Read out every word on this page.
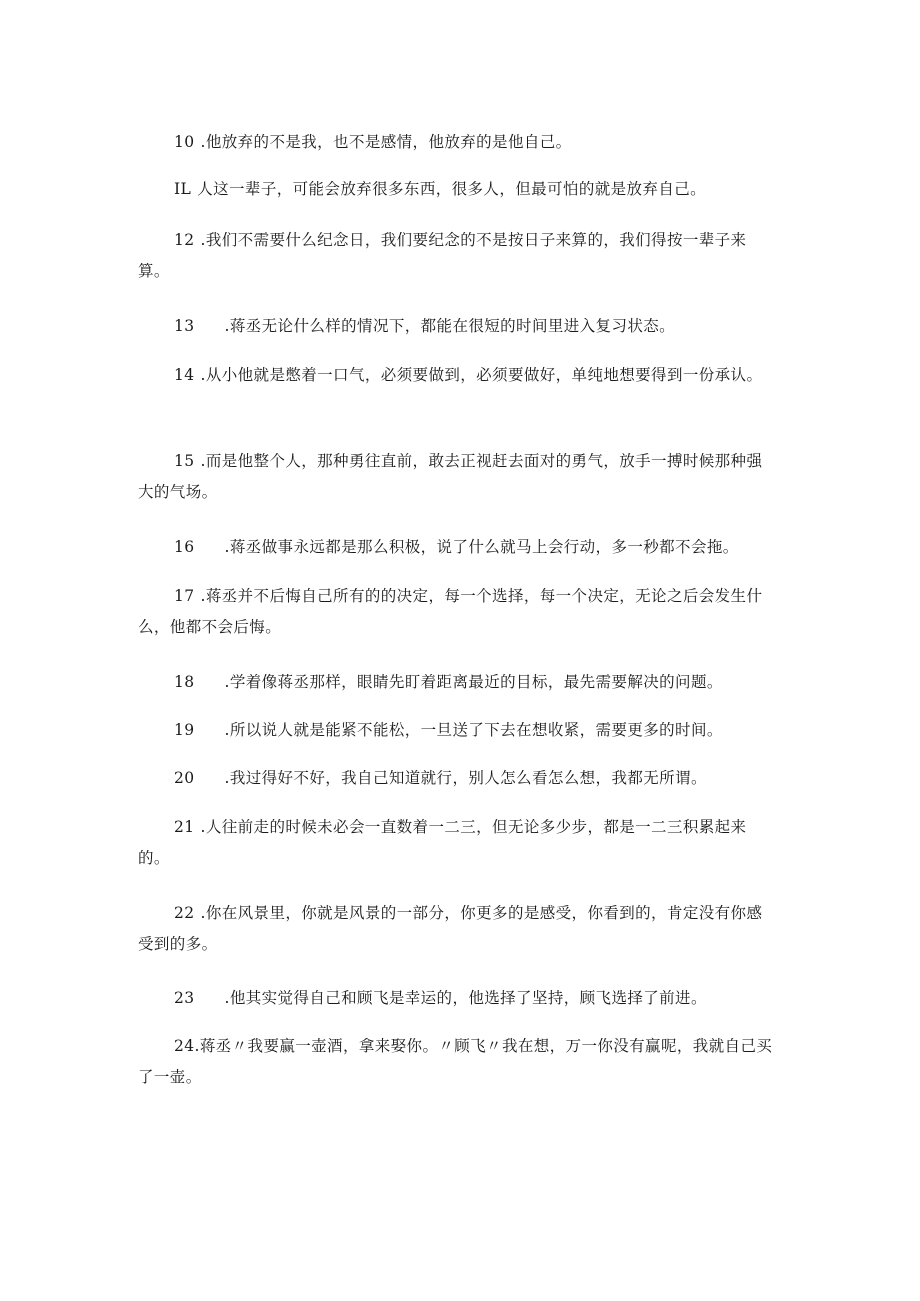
10 .他放弃的不是我，也不是感情，他放弃的是他自己。

IL 人这一辈子，可能会放弃很多东西，很多人，但最可怕的就是放弃自己。

12 .我们不需要什么纪念日，我们要纪念的不是按日子来算的，我们得按一辈子来算。

13 .蒋丞无论什么样的情况下，都能在很短的时间里进入复习状态。

14 .从小他就是憋着一口气，必须要做到，必须要做好，单纯地想要得到一份承认。

15 .而是他整个人，那种勇往直前，敢去正视赶去面对的勇气，放手一搏时候那种强大的气场。

16 .蒋丞做事永远都是那么积极，说了什么就马上会行动，多一秒都不会拖。

17 .蒋丞并不后悔自己所有的的决定，每一个选择，每一个决定，无论之后会发生什么，他都不会后悔。

18 .学着像蒋丞那样，眼睛先盯着距离最近的目标，最先需要解决的问题。

19 .所以说人就是能紧不能松，一旦送了下去在想收紧，需要更多的时间。

20 .我过得好不好，我自己知道就行，别人怎么看怎么想，我都无所谓。

21 .人往前走的时候未必会一直数着一二三，但无论多少步，都是一二三积累起来的。

22 .你在风景里，你就是风景的一部分，你更多的是感受，你看到的，肯定没有你感受到的多。

23 .他其实觉得自己和顾飞是幸运的，他选择了坚持，顾飞选择了前进。

24.蒋丞〃我要赢一壶酒，拿来娶你。〃顾飞〃我在想，万一你没有赢呢，我就自己买了一壶。
